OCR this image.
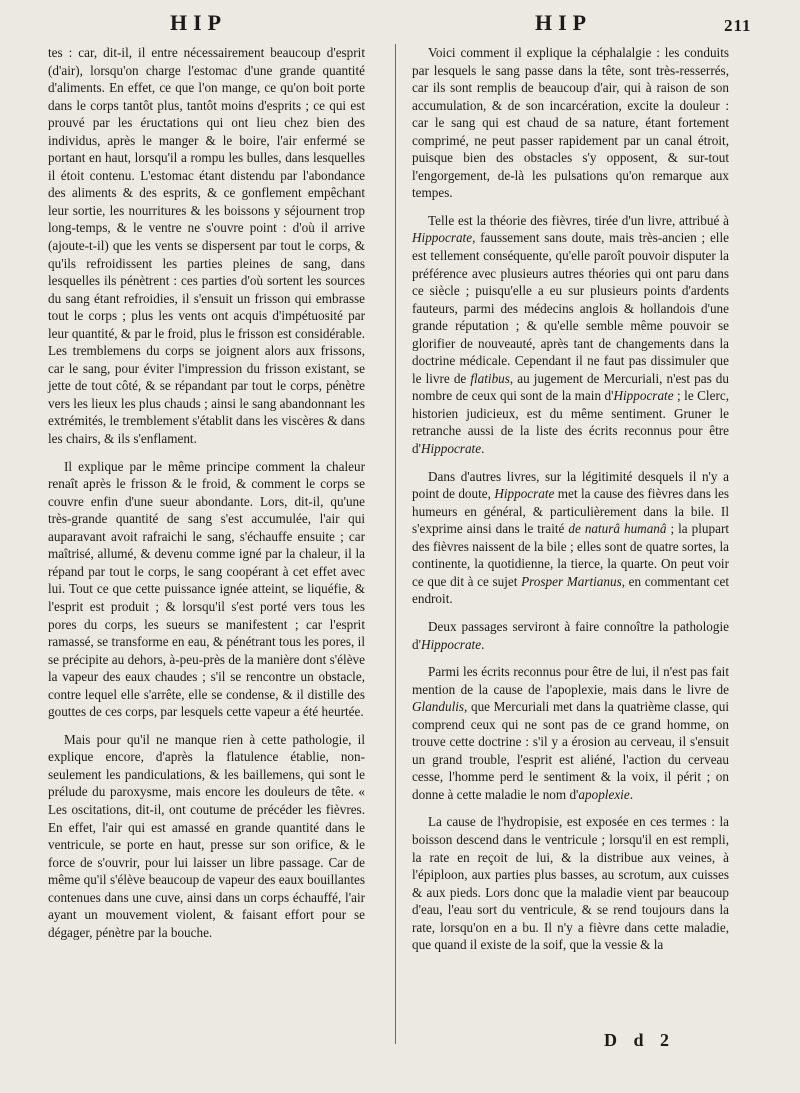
HIP	HIP	211

tes : car, dit-il, il entre nécessairement beaucoup d'esprit (d'air), lorsqu'on charge l'estomac d'une grande quantité d'aliments. En effet, ce que l'on mange, ce qu'on boit porte dans le corps tantôt plus, tantôt moins d'esprits ; ce qui est prouvé par les éructations qui ont lieu chez bien des individus, après le manger & le boire, l'air enfermé se portant en haut, lorsqu'il a rompu les bulles, dans lesquelles il étoit contenu. L'estomac étant distendu par l'abondance des aliments & des esprits, & ce gonflement empêchant leur sortie, les nourritures & les boissons y séjournent trop long-temps, & le ventre ne s'ouvre point : d'où il arrive (ajoute-t-il) que les vents se dispersent par tout le corps, & qu'ils refroidissent les parties pleines de sang, dans lesquelles ils pénètrent : ces parties d'où sortent les sources du sang étant refroidies, il s'ensuit un frisson qui embrasse tout le corps ; plus les vents ont acquis d'impétuosité par leur quantité, & par le froid, plus le frisson est considérable. Les tremblemens du corps se joignent alors aux frissons, car le sang, pour éviter l'impression du frisson existant, se jette de tout côté, & se répandant par tout le corps, pénètre vers les lieux les plus chauds ; ainsi le sang abandonnant les extrémités, le tremblement s'établit dans les viscères & dans les chairs, & ils s'enflament.

Il explique par le même principe comment la chaleur renaît après le frisson & le froid, & comment le corps se couvre enfin d'une sueur abondante. Lors, dit-il, qu'une très-grande quantité de sang s'est accumulée, l'air qui auparavant avoit rafraichi le sang, s'échauffe ensuite ; car maîtrisé, allumé, & devenu comme igné par la chaleur, il la répand par tout le corps, le sang coopérant à cet effet avec lui. Tout ce que cette puissance ignée atteint, se liquéfie, & l'esprit est produit ; & lorsqu'il s'est porté vers tous les pores du corps, les sueurs se manifestent ; car l'esprit ramassé, se transforme en eau, & pénétrant tous les pores, il se précipite au dehors, à-peu-près de la manière dont s'élève la vapeur des eaux chaudes ; s'il se rencontre un obstacle, contre lequel elle s'arrête, elle se condense, & il distille des gouttes de ces corps, par lesquels cette vapeur a été heurtée.

Mais pour qu'il ne manque rien à cette pathologie, il explique encore, d'après la flatulence établie, non-seulement les pandiculations, & les baillemens, qui sont le prélude du paroxysme, mais encore les douleurs de tête. « Les oscitations, dit-il, ont coutume de précéder les fièvres. En effet, l'air qui est amassé en grande quantité dans le ventricule, se porte en haut, presse sur son orifice, & le force de s'ouvrir, pour lui laisser un libre passage. Car de même qu'il s'élève beaucoup de vapeur des eaux bouillantes contenues dans une cuve, ainsi dans un corps échauffé, l'air ayant un mouvement violent, & faisant effort pour se dégager, pénètre par la bouche.

Voici comment il explique la céphalalgie : les conduits par lesquels le sang passe dans la tête, sont très-resserrés, car ils sont remplis de beaucoup d'air, qui à raison de son accumulation, & de son incarcération, excite la douleur : car le sang qui est chaud de sa nature, étant fortement comprimé, ne peut passer rapidement par un canal étroit, puisque bien des obstacles s'y opposent, & sur-tout l'engorgement, de-là les pulsations qu'on remarque aux tempes.

Telle est la théorie des fièvres, tirée d'un livre, attribué à Hippocrate, faussement sans doute, mais très-ancien ; elle est tellement conséquente, qu'elle paroît pouvoir disputer la préférence avec plusieurs autres théories qui ont paru dans ce siècle ; puisqu'elle a eu sur plusieurs points d'ardents fauteurs, parmi des médecins anglois & hollandois d'une grande réputation ; & qu'elle semble même pouvoir se glorifier de nouveauté, après tant de changements dans la doctrine médicale. Cependant il ne faut pas dissimuler que le livre de flatibus, au jugement de Mercuriali, n'est pas du nombre de ceux qui sont de la main d'Hippocrate ; le Clerc, historien judicieux, est du même sentiment. Gruner le retranche aussi de la liste des écrits reconnus pour être d'Hippocrate.

Dans d'autres livres, sur la légitimité desquels il n'y a point de doute, Hippocrate met la cause des fièvres dans les humeurs en général, & particulièrement dans la bile. Il s'exprime ainsi dans le traité de naturâ humanâ ; la plupart des fièvres naissent de la bile ; elles sont de quatre sortes, la continente, la quotidienne, la tierce, la quarte. On peut voir ce que dit à ce sujet Prosper Martianus, en commentant cet endroit.

Deux passages serviront à faire connoître la pathologie d'Hippocrate.

Parmi les écrits reconnus pour être de lui, il n'est pas fait mention de la cause de l'apoplexie, mais dans le livre de Glandulis, que Mercuriali met dans la quatrième classe, qui comprend ceux qui ne sont pas de ce grand homme, on trouve cette doctrine : s'il y a érosion au cerveau, il s'ensuit un grand trouble, l'esprit est aliéné, l'action du cerveau cesse, l'homme perd le sentiment & la voix, il périt ; on donne à cette maladie le nom d'apoplexie.

La cause de l'hydropisie, est exposée en ces termes : la boisson descend dans le ventricule ; lorsqu'il en est rempli, la rate en reçoit de lui, & la distribue aux veines, à l'épiploon, aux parties plus basses, au scrotum, aux cuisses & aux pieds. Lors donc que la maladie vient par beaucoup d'eau, l'eau sort du ventricule, & se rend toujours dans la rate, lorsqu'on en a bu. Il n'y a fièvre dans cette maladie, que quand il existe de la soif, que la vessie & la

D d 2
